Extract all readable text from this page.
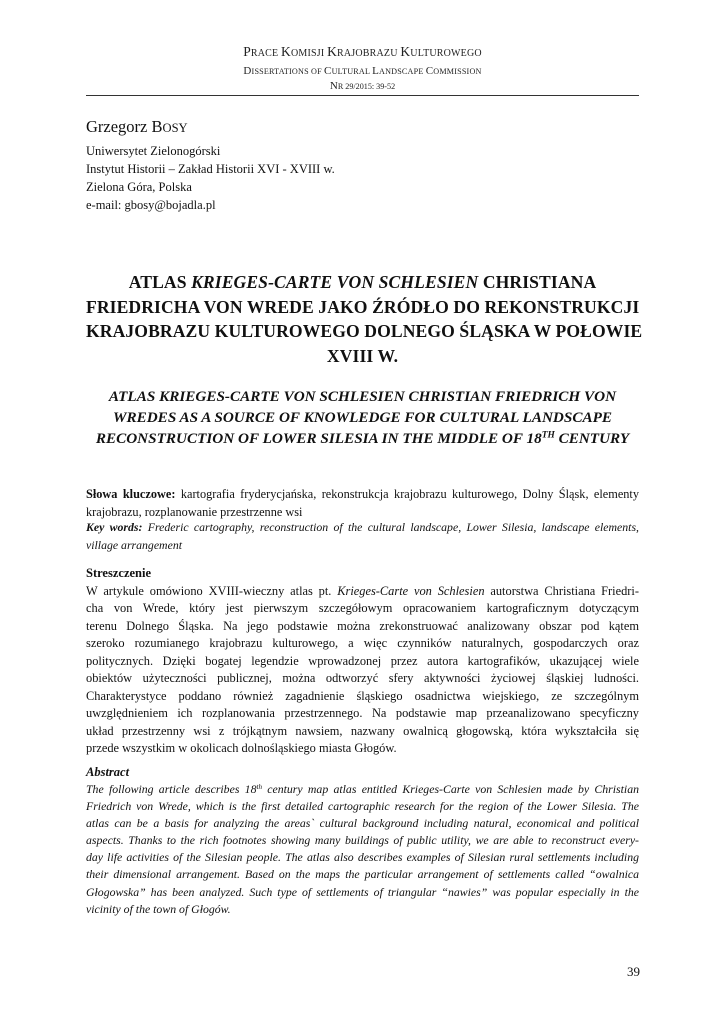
PRACE KOMISJI KRAJOBRAZU KULTUROWEGO
DISSERTATIONS OF CULTURAL LANDSCAPE COMMISSION
NR 29/2015: 39-52
Grzegorz BOSY
Uniwersytet Zielonogórski
Instytut Historii – Zakład Historii XVI - XVIII w.
Zielona Góra, Polska
e-mail: gbosy@bojadla.pl
ATLAS KRIEGES-CARTE VON SCHLESIEN CHRISTIANA
FRIEDRICHA VON WREDE JAKO ŹRÓDŁO DO REKONSTRUKCJI
KRAJOBRAZU KULTUROWEGO DOLNEGO ŚLĄSKA W POŁOWIE
XVIII W.
ATLAS KRIEGES-CARTE VON SCHLESIEN CHRISTIAN FRIEDRICH VON
WREDES AS A SOURCE OF KNOWLEDGE FOR CULTURAL LANDSCAPE
RECONSTRUCTION OF LOWER SILESIA IN THE MIDDLE OF 18TH CENTURY
Słowa kluczowe: kartografia fryderycjańska, rekonstrukcja krajobrazu kulturowego, Dolny Śląsk, elementy krajobrazu, rozplanowanie przestrzenne wsi
Key words: Frederic cartography, reconstruction of the cultural landscape, Lower Silesia, landscape elements, village arrangement
Streszczenie
W artykule omówiono XVIII-wieczny atlas pt. Krieges-Carte von Schlesien autorstwa Christiana Friedri-
cha von Wrede, który jest pierwszym szczegółowym opracowaniem kartograficznym dotyczącym
terenu Dolnego Śląska. Na jego podstawie można zrekonstruować analizowany obszar pod kątem
szeroko rozumianego krajobrazu kulturowego, a więc czynników naturalnych, gospodarczych oraz
politycznych. Dzięki bogatej legendzie wprowadzonej przez autora kartografików, ukazującej wiele
obiektów użyteczności publicznej, można odtworzyć sfery aktywności życiowej śląskiej ludności.
Charakterystyce poddano również zagadnienie śląskiego osadnictwa wiejskiego, ze szczególnym
uwzględnieniem ich rozplanowania przestrzennego. Na podstawie map przeanalizowano specyficzny
układ przestrzenny wsi z trójkątnym nawsiem, nazwany owalnicą głogowską, która wykształciła się
przede wszystkim w okolicach dolnośląskiego miasta Głogów.
Abstract
The following article describes 18th century map atlas entitled Krieges-Carte von Schlesien made by Christian
Friedrich von Wrede, which is the first detailed cartographic research for the region of the Lower Silesia. The
atlas can be a basis for analyzing the areas` cultural background including natural, economical and political
aspects. Thanks to the rich footnotes showing many buildings of public utility, we are able to reconstruct every-
day life activities of the Silesian people. The atlas also describes examples of Silesian rural settlements including
their dimensional arrangement. Based on the maps the particular arrangement of settlements called “owalnica
Głogowska” has been analyzed. Such type of settlements of triangular “nawies” was popular especially in the
vicinity of the town of Głogów.
39
